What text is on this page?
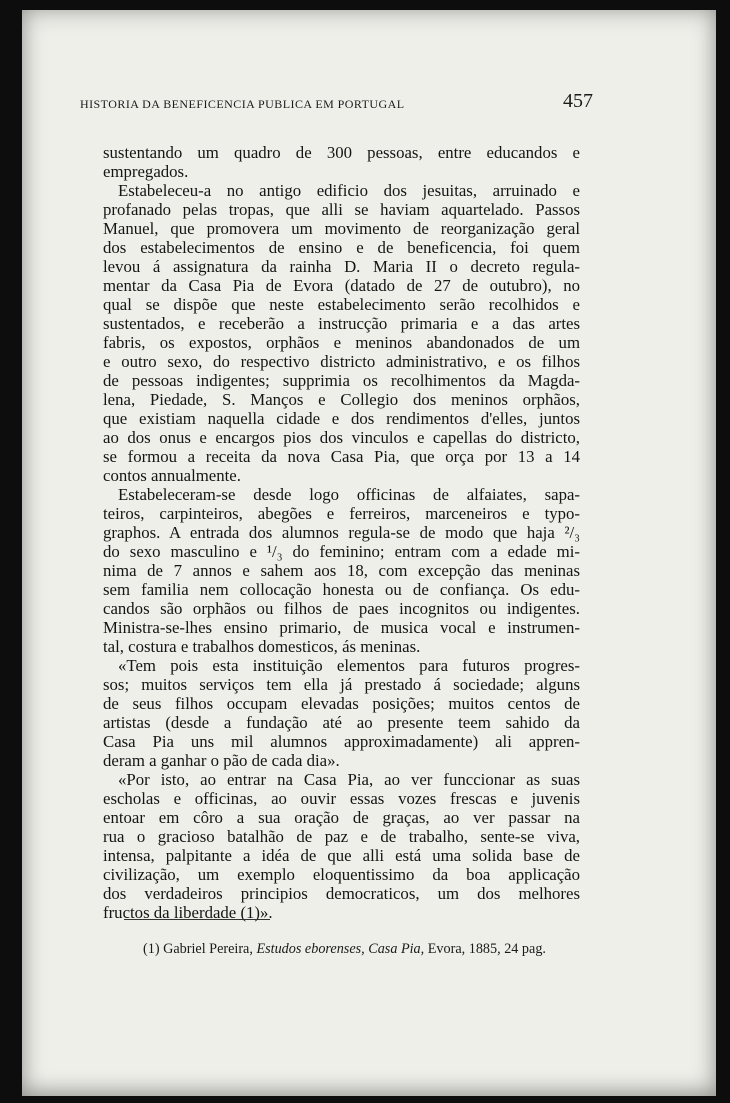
HISTORIA DA BENEFICENCIA PUBLICA EM PORTUGAL	457
sustentando um quadro de 300 pessoas, entre educandos e
empregados.
Estabeleceu-a no antigo edificio dos jesuitas, arruinado e
profanado pelas tropas, que alli se haviam aquartelado. Passos
Manuel, que promovera um movimento de reorganização geral
dos estabelecimentos de ensino e de beneficencia, foi quem
levou á assignatura da rainha D. Maria II o decreto regula-
mentar da Casa Pia de Evora (datado de 27 de outubro), no
qual se dispõe que neste estabelecimento serão recolhidos e
sustentados, e receberão a instrucção primaria e a das artes
fabris, os expostos, orphãos e meninos abandonados de um
e outro sexo, do respectivo districto administrativo, e os filhos
de pessoas indigentes; supprimia os recolhimentos da Magda-
lena, Piedade, S. Manços e Collegio dos meninos orphãos,
que existiam naquella cidade e dos rendimentos d'elles, juntos
ao dos onus e encargos pios dos vinculos e capellas do districto,
se formou a receita da nova Casa Pia, que orça por 13 a 14
contos annualmente.
Estabeleceram-se desde logo officinas de alfaiates, sapa-
teiros, carpinteiros, abegões e ferreiros, marceneiros e typo-
graphos. A entrada dos alumnos regula-se de modo que haja ²/₃
do sexo masculino e ¹/₃ do feminino; entram com a edade mi-
nima de 7 annos e sahem aos 18, com excepção das meninas
sem familia nem collocação honesta ou de confiança. Os edu-
candos são orphãos ou filhos de paes incognitos ou indigentes.
Ministra-se-lhes ensino primario, de musica vocal e instrumen-
tal, costura e trabalhos domesticos, ás meninas.
«Tem pois esta instituição elementos para futuros progres-
sos; muitos serviços tem ella já prestado á sociedade; alguns
de seus filhos occupam elevadas posições; muitos centos de
artistas (desde a fundação até ao presente teem sahido da
Casa Pia uns mil alumnos approximadamente) ali appren-
deram a ganhar o pão de cada dia».
«Por isto, ao entrar na Casa Pia, ao ver funccionar as suas
escholas e officinas, ao ouvir essas vozes frescas e juvenis
entoar em côro a sua oração de graças, ao ver passar na
rua o gracioso batalhão de paz e de trabalho, sente-se viva,
intensa, palpitante a idéa de que alli está uma solida base de
civilização, um exemplo eloquentissimo da boa applicação
dos verdadeiros principios democraticos, um dos melhores
fructos da liberdade (1)».
(1) Gabriel Pereira, Estudos eborenses, Casa Pia, Evora, 1885, 24 pag.
